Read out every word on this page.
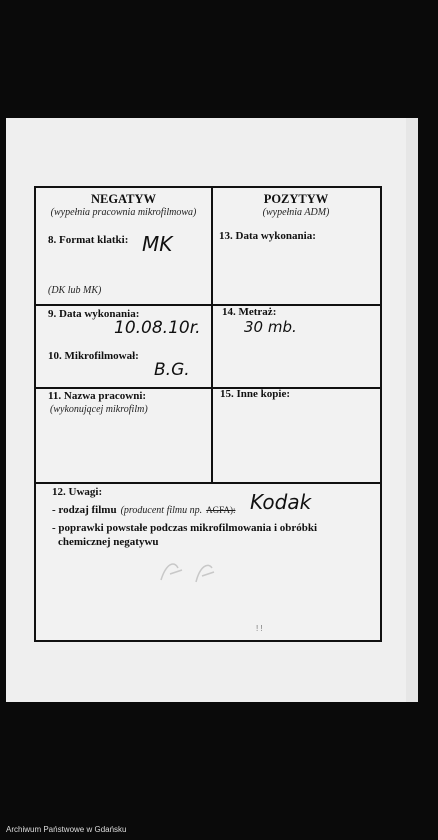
NEGATYW
(wypełnia pracownia mikrofilmowa)
POZYTYW
(wypełnia ADM)
8. Format klatki: MK
(DK lub MK)
13. Data wykonania:
9. Data wykonania:
10.08.10r.
14. Metraż:
30 mb.
10. Mikrofilmował:
B.G.
11. Nazwa pracowni:
(wykonującej mikrofilm)
15. Inne kopie:
12. Uwagi:
- rodzaj filmu (producent filmu np. AGFA): Kodak
- poprawki powstałe podczas mikrofilmowania i obróbki
chemicznej negatywu
! !
Archiwum Państwowe w Gdańsku
